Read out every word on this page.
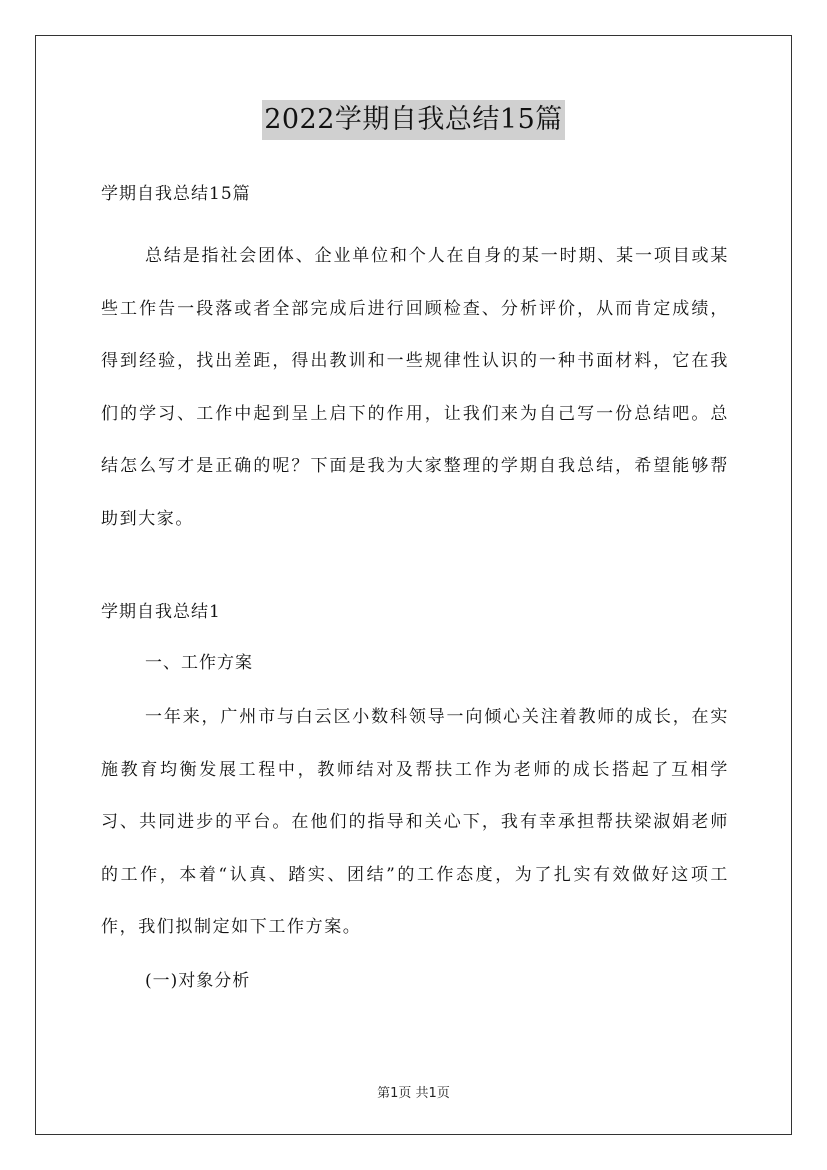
2022学期自我总结15篇

学期自我总结15篇

总结是指社会团体、企业单位和个人在自身的某一时期、某一项目或某些工作告一段落或者全部完成后进行回顾检查、分析评价，从而肯定成绩，得到经验，找出差距，得出教训和一些规律性认识的一种书面材料，它在我们的学习、工作中起到呈上启下的作用，让我们来为自己写一份总结吧。总结怎么写才是正确的呢？下面是我为大家整理的学期自我总结，希望能够帮助到大家。

学期自我总结1

一、工作方案

一年来，广州市与白云区小数科领导一向倾心关注着教师的成长，在实施教育均衡发展工程中，教师结对及帮扶工作为老师的成长搭起了互相学习、共同进步的平台。在他们的指导和关心下，我有幸承担帮扶梁淑娟老师的工作，本着“认真、踏实、团结”的工作态度，为了扎实有效做好这项工作，我们拟制定如下工作方案。

(一)对象分析

第1页 共1页
